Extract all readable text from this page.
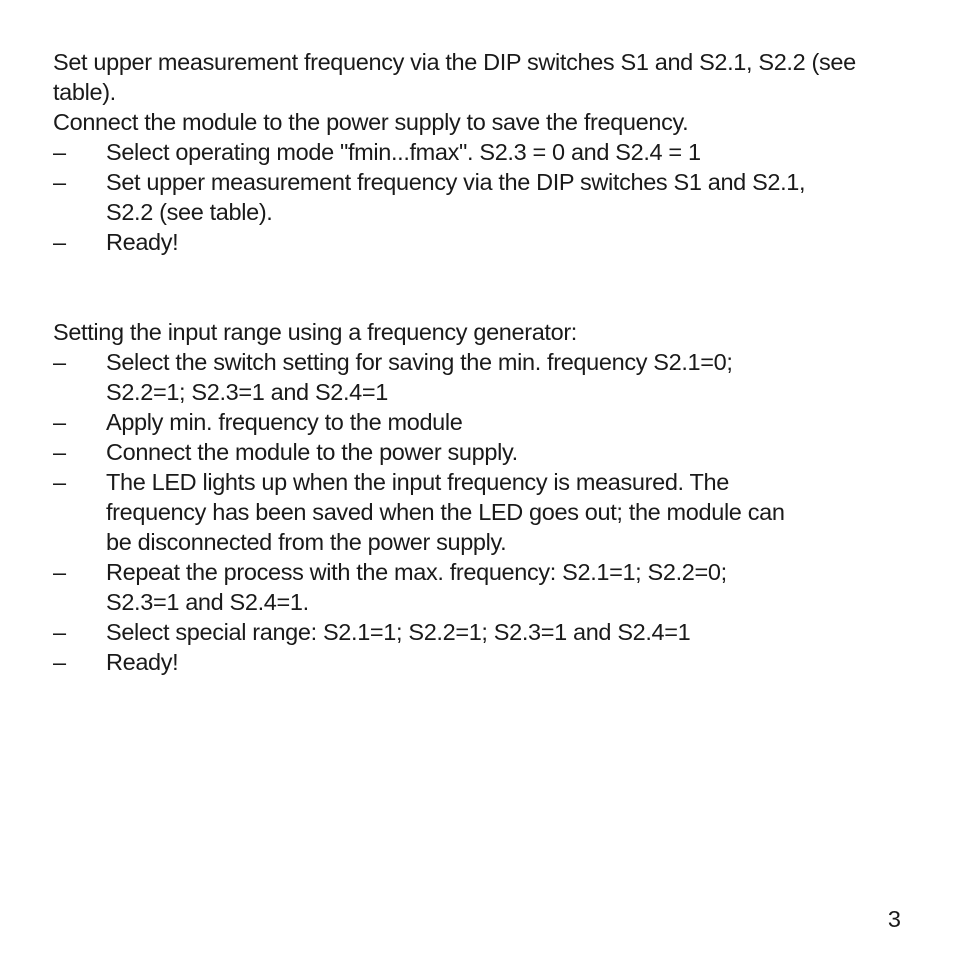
Set upper measurement frequency via the DIP switches S1 and S2.1, S2.2 (see table).

Connect the module to the power supply to save the frequency.

– Select operating mode "fmin...fmax". S2.3 = 0 and S2.4 = 1
– Set upper measurement frequency via the DIP switches S1 and S2.1, S2.2 (see table).
– Ready!

Setting the input range using a frequency generator:

– Select the switch setting for saving the min. frequency S2.1=0; S2.2=1; S2.3=1 and S2.4=1
– Apply min. frequency to the module
– Connect the module to the power supply.
– The LED lights up when the input frequency is measured. The frequency has been saved when the LED goes out; the module can be disconnected from the power supply.
– Repeat the process with the max. frequency: S2.1=1; S2.2=0; S2.3=1 and S2.4=1.
– Select special range: S2.1=1; S2.2=1; S2.3=1 and S2.4=1
– Ready!
3
